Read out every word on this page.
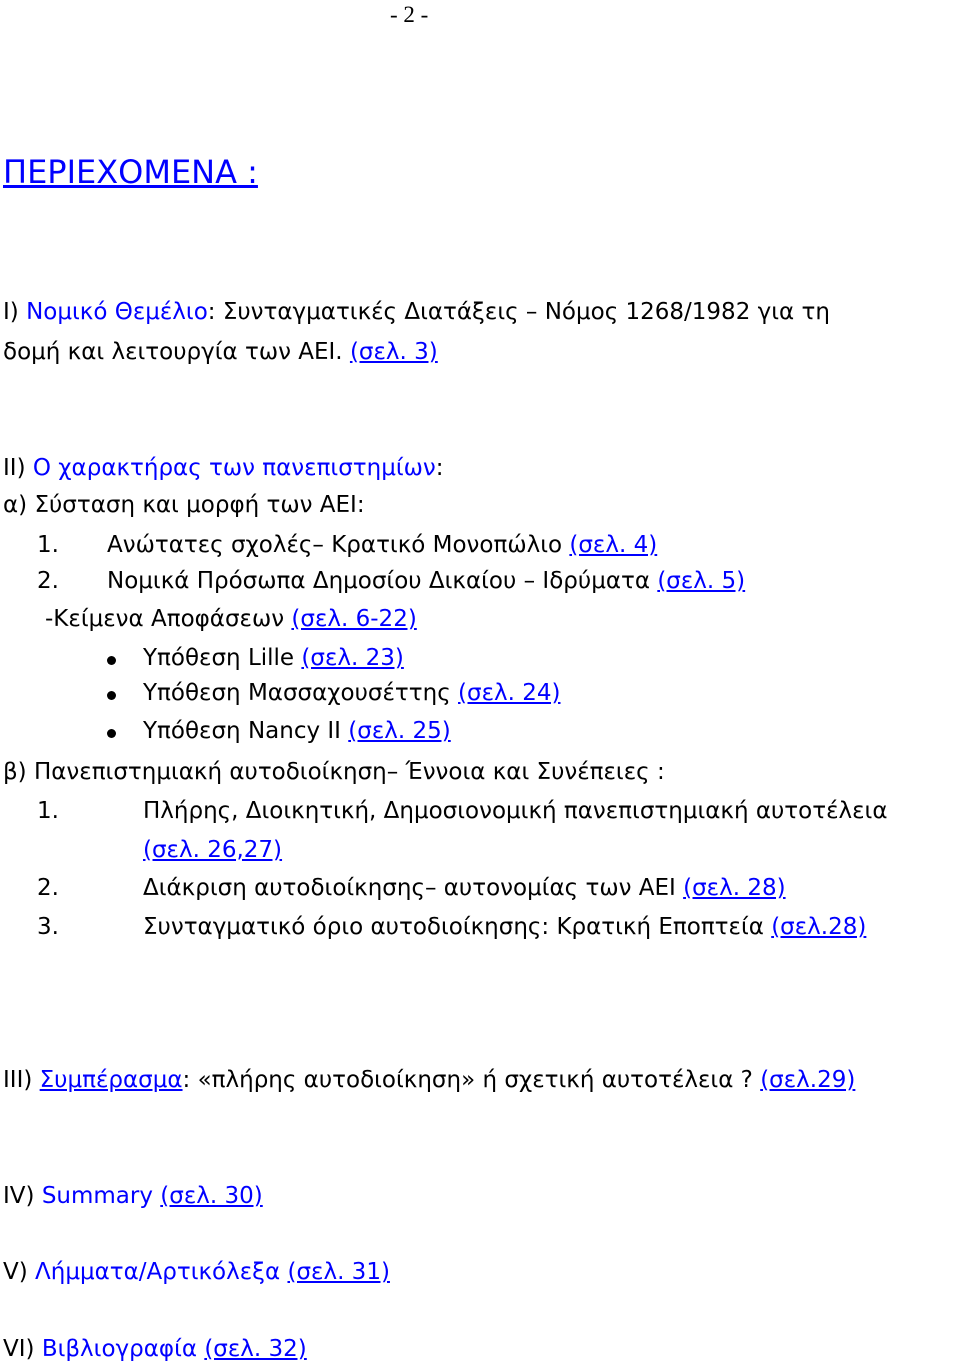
- 2 -
ΠΕΡΙΕΧΟΜΕΝΑ :
I) Νομικό Θεμέλιο: Συνταγματικές Διατάξεις – Νόμος 1268/1982 για τη
δομή και λειτουργία των ΑΕΙ. (σελ. 3)
II) Ο χαρακτήρας των πανεπιστημίων:
α) Σύσταση και μορφή των ΑΕΙ:
1. Ανώτατες σχολές– Κρατικό Μονοπώλιο (σελ. 4)
2. Νομικά Πρόσωπα Δημοσίου Δικαίου – Ιδρύματα (σελ. 5)
-Κείμενα Αποφάσεων (σελ. 6-22)
Υπόθεση Lille (σελ. 23)
Υπόθεση Μασσαχουσέττης (σελ. 24)
Υπόθεση Nancy II (σελ. 25)
β) Πανεπιστημιακή αυτοδιοίκηση– Έννοια και Συνέπειες :
1.	Πλήρης, Διοικητική, Δημοσιονομική πανεπιστημιακή αυτοτέλεια
(σελ. 26,27)
2.	Διάκριση αυτοδιοίκησης– αυτονομίας των ΑΕΙ (σελ. 28)
3.	Συνταγματικό όριο αυτοδιοίκησης: Κρατική Εποπτεία (σελ.28)
III) Συμπέρασμα: «πλήρης αυτοδιοίκηση» ή σχετική αυτοτέλεια ? (σελ.29)
IV) Summary (σελ. 30)
V) Λήμματα/Αρτικόλεξα (σελ. 31)
VI) Βιβλιογραφία (σελ. 32)
